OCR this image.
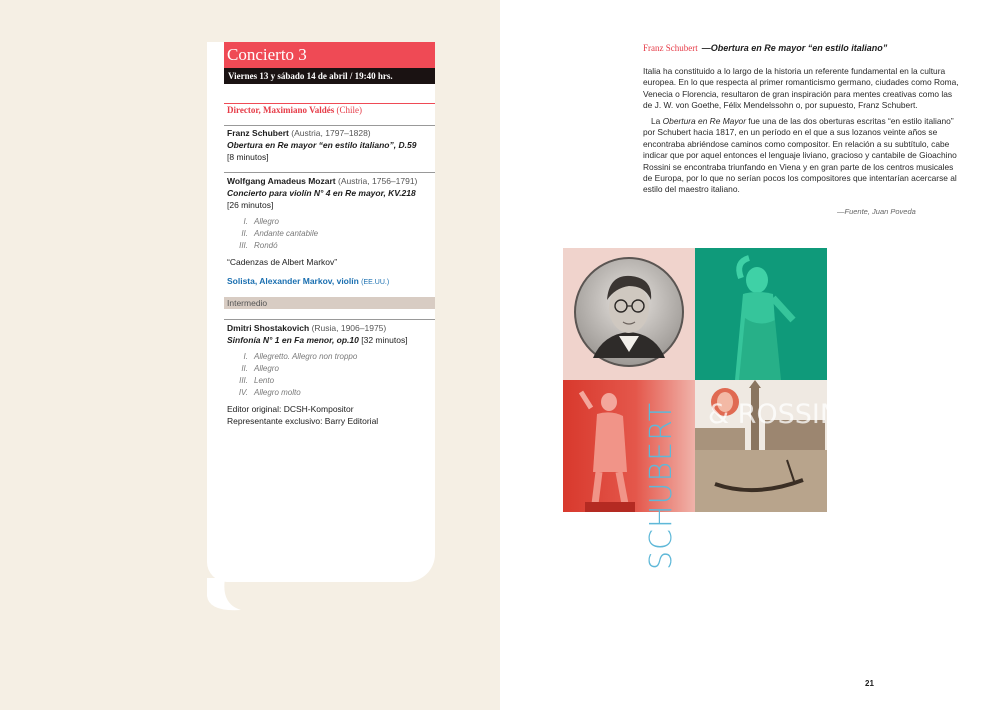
Concierto 3
Viernes 13 y sábado 14 de abril / 19:40 hrs.
Director, Maximiano Valdés (Chile)
Franz Schubert (Austria, 1797–1828)
Obertura en Re mayor “en estilo italiano”, D.59
[8 minutos]
Wolfgang Amadeus Mozart (Austria, 1756–1791)
Concierto para violín N° 4 en Re mayor, KV.218
[26 minutos]
I. Allegro
II. Andante cantabile
III. Rondó
“Cadenzas de Albert Markov”
Solista, Alexander Markov, violín (EE.UU.)
Intermedio
Dmitri Shostakovich (Rusia, 1906–1975)
Sinfonía N° 1 en Fa menor, op.10 [32 minutos]
I. Allegretto. Allegro non troppo
II. Allegro
III. Lento
IV. Allegro molto
Editor original: DCSH-Kompositor
Representante exclusivo: Barry Editorial
Franz Schubert —Obertura en Re mayor “en estilo italiano”

Italia ha constituido a lo largo de la historia un referente fundamental en la cultura europea. En lo que respecta al primer romanticismo germano, ciudades como Roma, Venecia o Florencia, resultaron de gran inspiración para mentes creativas como las de J. W. von Goethe, Félix Mendelssohn o, por supuesto, Franz Schubert.

La Obertura en Re Mayor fue una de las dos oberturas escritas “en estilo italiano” por Schubert hacia 1817, en un período en el que a sus lozanos veinte años se encontraba abriéndose caminos como compositor. En relación a su subtítulo, cabe indicar que por aquel entonces el lenguaje liviano, gracioso y cantabile de Gioachino Rossini se encontraba triunfando en Viena y en gran parte de los centros musicales de Europa, por lo que no serían pocos los compositores que intentarían acercarse al estilo del maestro italiano.

—Fuente, Juan Poveda
SCHUBERT & ROSSINI
21
